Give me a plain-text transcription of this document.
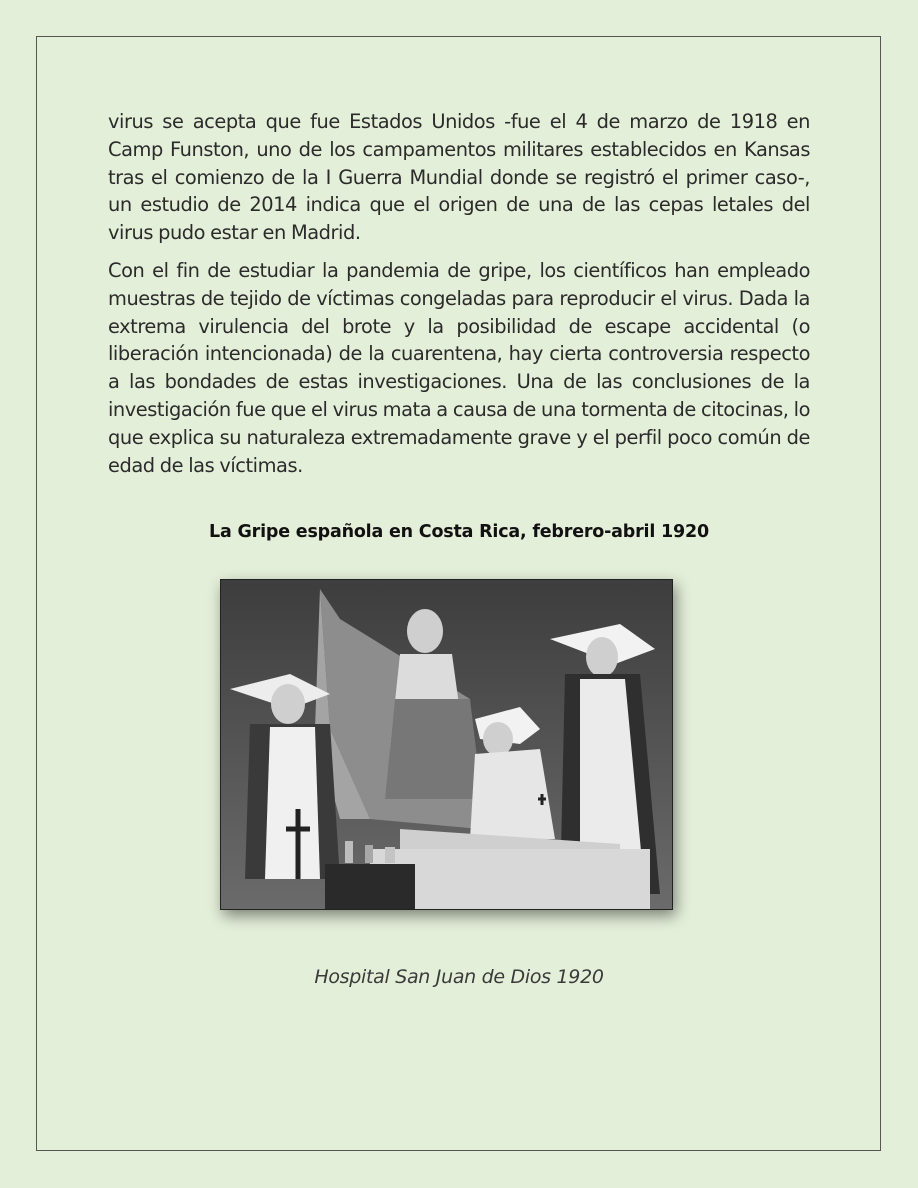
virus se acepta que fue Estados Unidos -fue el 4 de marzo de 1918 en Camp Funston, uno de los campamentos militares establecidos en Kansas tras el comienzo de la I Guerra Mundial donde se registró el primer caso-, un estudio de 2014 indica que el origen de una de las cepas letales del virus pudo estar en Madrid.

Con el fin de estudiar la pandemia de gripe, los científicos han empleado muestras de tejido de víctimas congeladas para reproducir el virus. Dada la extrema virulencia del brote y la posibilidad de escape accidental (o liberación intencionada) de la cuarentena, hay cierta controversia respecto a las bondades de estas investigaciones. Una de las conclusiones de la investigación fue que el virus mata a causa de una tormenta de citocinas, lo que explica su naturaleza extremadamente grave y el perfil poco común de edad de las víctimas.

La Gripe española en Costa Rica, febrero-abril 1920
Hospital San Juan de Dios 1920
